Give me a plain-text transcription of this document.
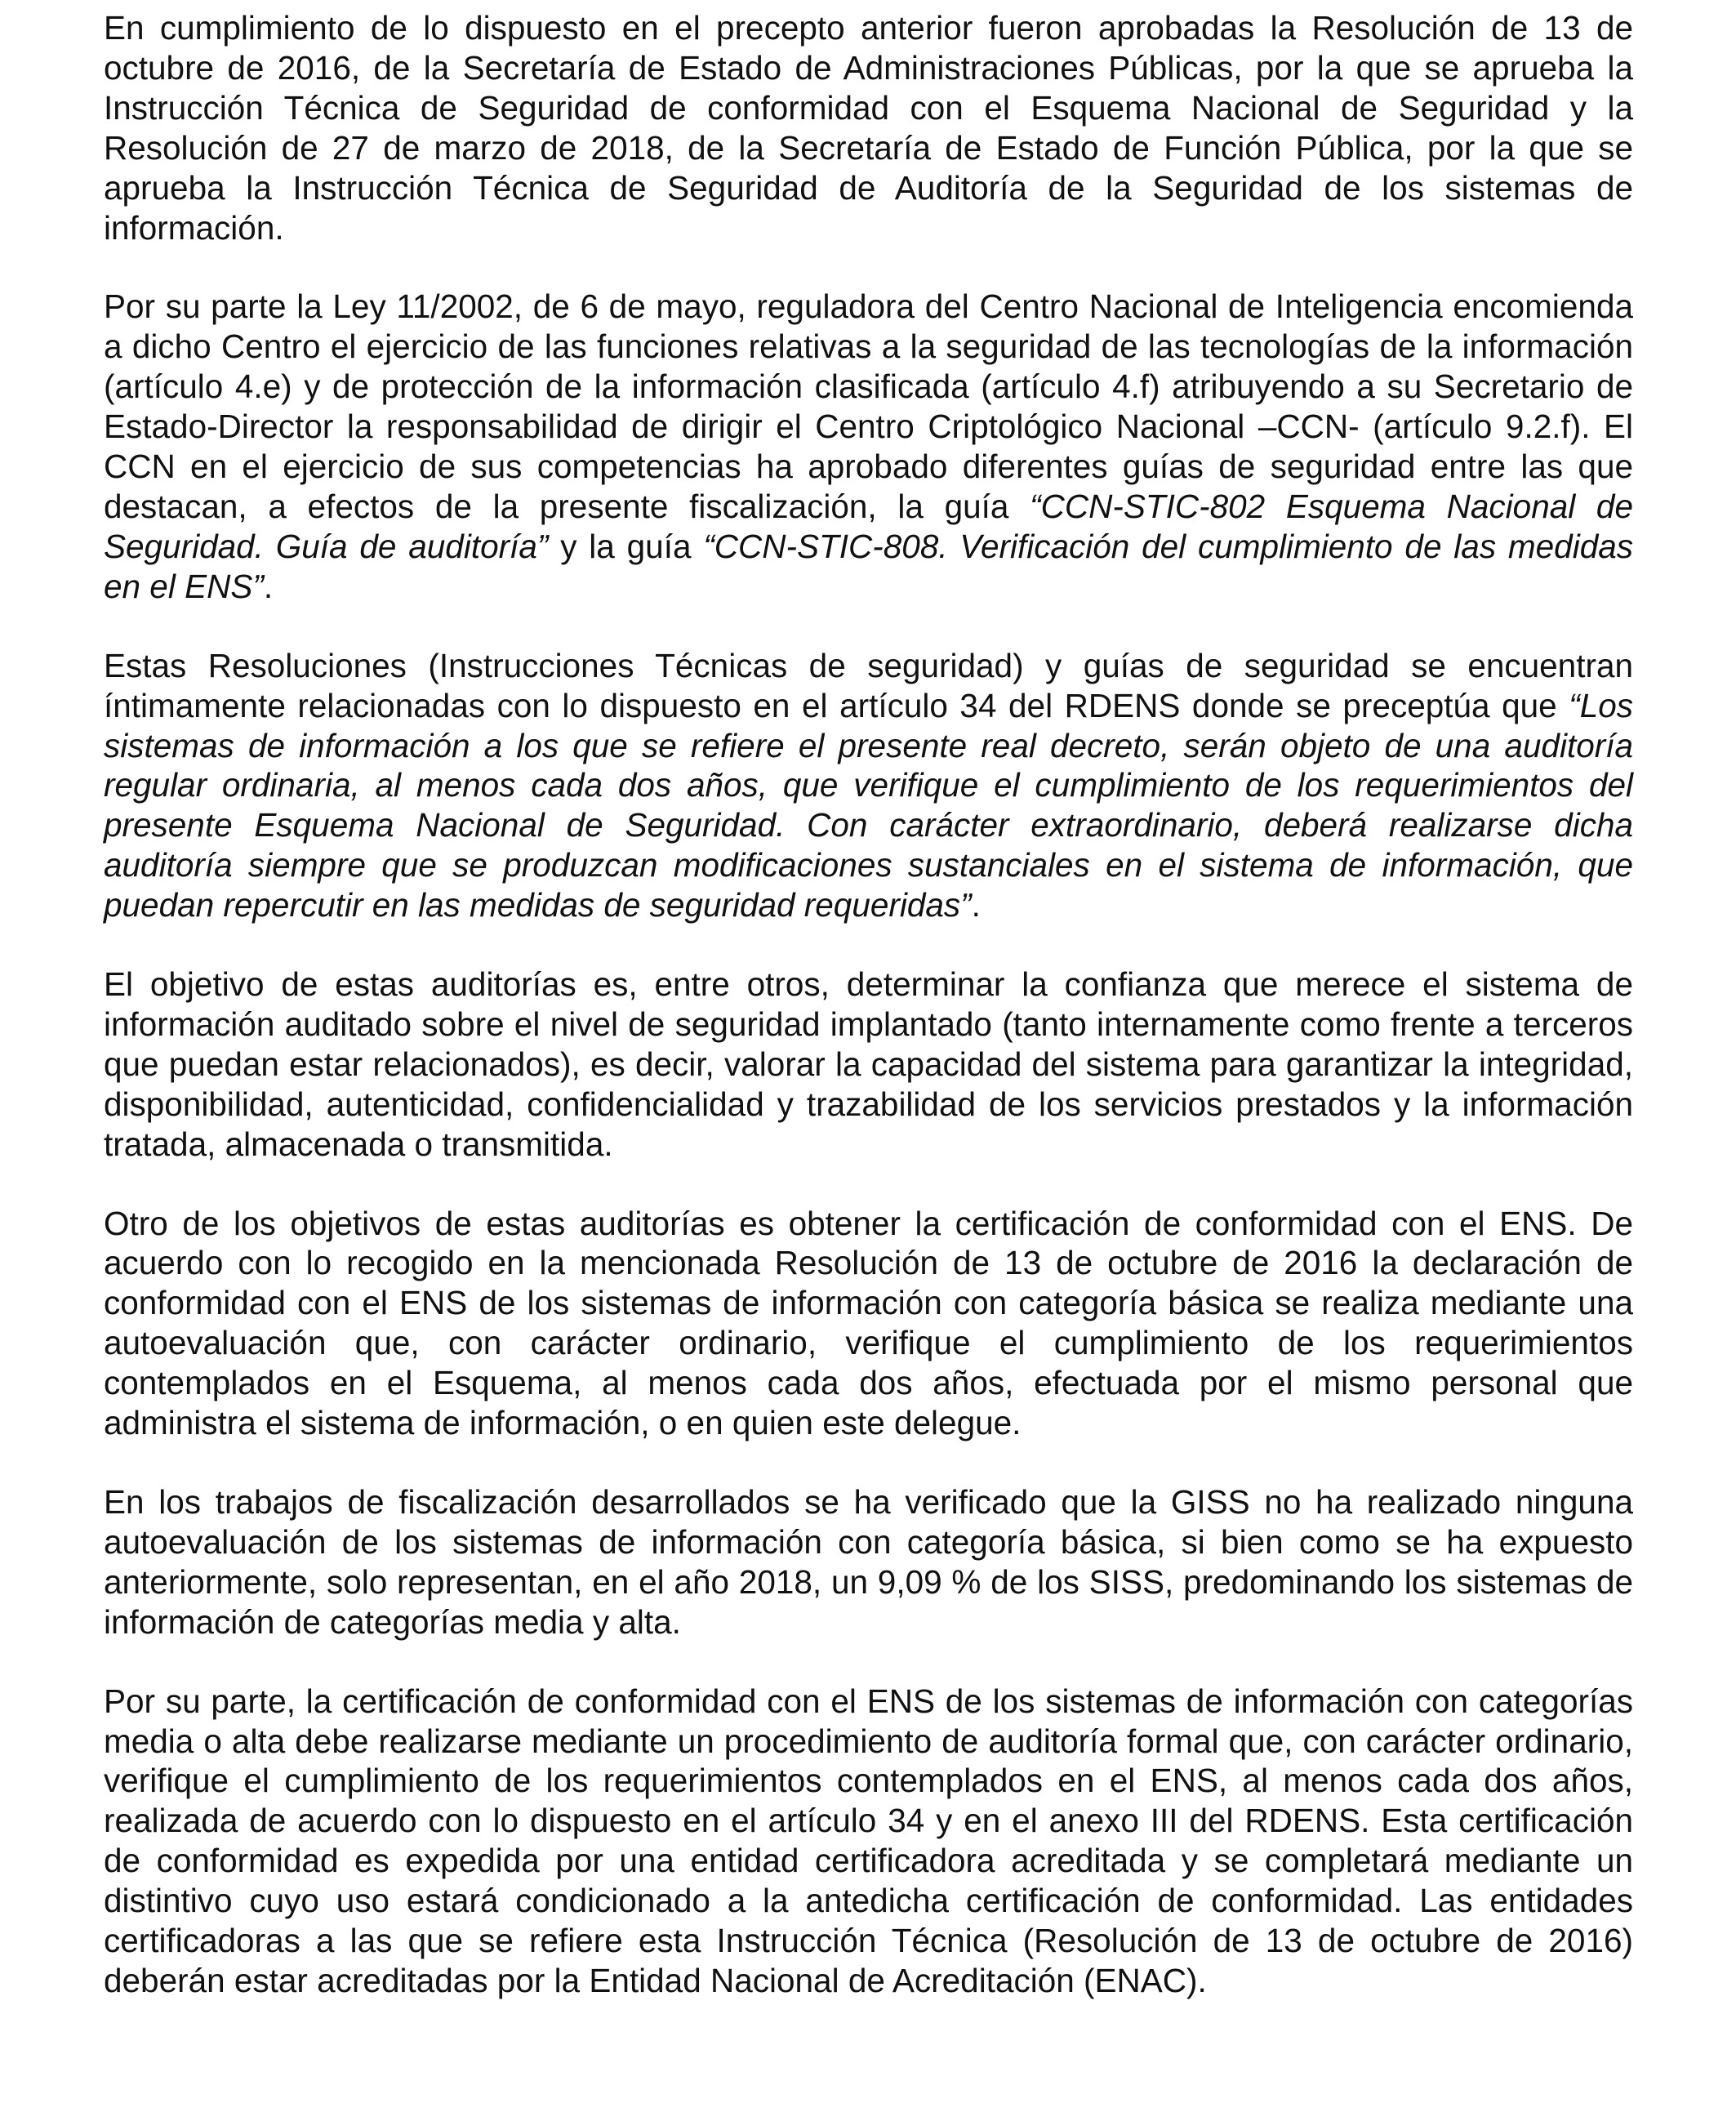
En cumplimiento de lo dispuesto en el precepto anterior fueron aprobadas la Resolución de 13 de octubre de 2016, de la Secretaría de Estado de Administraciones Públicas, por la que se aprueba la Instrucción Técnica de Seguridad de conformidad con el Esquema Nacional de Seguridad y la Resolución de 27 de marzo de 2018, de la Secretaría de Estado de Función Pública, por la que se aprueba la Instrucción Técnica de Seguridad de Auditoría de la Seguridad de los sistemas de información.

Por su parte la Ley 11/2002, de 6 de mayo, reguladora del Centro Nacional de Inteligencia encomienda a dicho Centro el ejercicio de las funciones relativas a la seguridad de las tecnologías de la información (artículo 4.e) y de protección de la información clasificada (artículo 4.f) atribuyendo a su Secretario de Estado-Director la responsabilidad de dirigir el Centro Criptológico Nacional –CCN- (artículo 9.2.f). El CCN en el ejercicio de sus competencias ha aprobado diferentes guías de seguridad entre las que destacan, a efectos de la presente fiscalización, la guía “CCN-STIC-802 Esquema Nacional de Seguridad. Guía de auditoría” y la guía “CCN-STIC-808. Verificación del cumplimiento de las medidas en el ENS”.

Estas Resoluciones (Instrucciones Técnicas de seguridad) y guías de seguridad se encuentran íntimamente relacionadas con lo dispuesto en el artículo 34 del RDENS donde se preceptúa que “Los sistemas de información a los que se refiere el presente real decreto, serán objeto de una auditoría regular ordinaria, al menos cada dos años, que verifique el cumplimiento de los requerimientos del presente Esquema Nacional de Seguridad. Con carácter extraordinario, deberá realizarse dicha auditoría siempre que se produzcan modificaciones sustanciales en el sistema de información, que puedan repercutir en las medidas de seguridad requeridas”.

El objetivo de estas auditorías es, entre otros, determinar la confianza que merece el sistema de información auditado sobre el nivel de seguridad implantado (tanto internamente como frente a terceros que puedan estar relacionados), es decir, valorar la capacidad del sistema para garantizar la integridad, disponibilidad, autenticidad, confidencialidad y trazabilidad de los servicios prestados y la información tratada, almacenada o transmitida.

Otro de los objetivos de estas auditorías es obtener la certificación de conformidad con el ENS. De acuerdo con lo recogido en la mencionada Resolución de 13 de octubre de 2016 la declaración de conformidad con el ENS de los sistemas de información con categoría básica se realiza mediante una autoevaluación que, con carácter ordinario, verifique el cumplimiento de los requerimientos contemplados en el Esquema, al menos cada dos años, efectuada por el mismo personal que administra el sistema de información, o en quien este delegue.

En los trabajos de fiscalización desarrollados se ha verificado que la GISS no ha realizado ninguna autoevaluación de los sistemas de información con categoría básica, si bien como se ha expuesto anteriormente, solo representan, en el año 2018, un 9,09 % de los SISS, predominando los sistemas de información de categorías media y alta.

Por su parte, la certificación de conformidad con el ENS de los sistemas de información con categorías media o alta debe realizarse mediante un procedimiento de auditoría formal que, con carácter ordinario, verifique el cumplimiento de los requerimientos contemplados en el ENS, al menos cada dos años, realizada de acuerdo con lo dispuesto en el artículo 34 y en el anexo III del RDENS. Esta certificación de conformidad es expedida por una entidad certificadora acreditada y se completará mediante un distintivo cuyo uso estará condicionado a la antedicha certificación de conformidad. Las entidades certificadoras a las que se refiere esta Instrucción Técnica (Resolución de 13 de octubre de 2016) deberán estar acreditadas por la Entidad Nacional de Acreditación (ENAC).
